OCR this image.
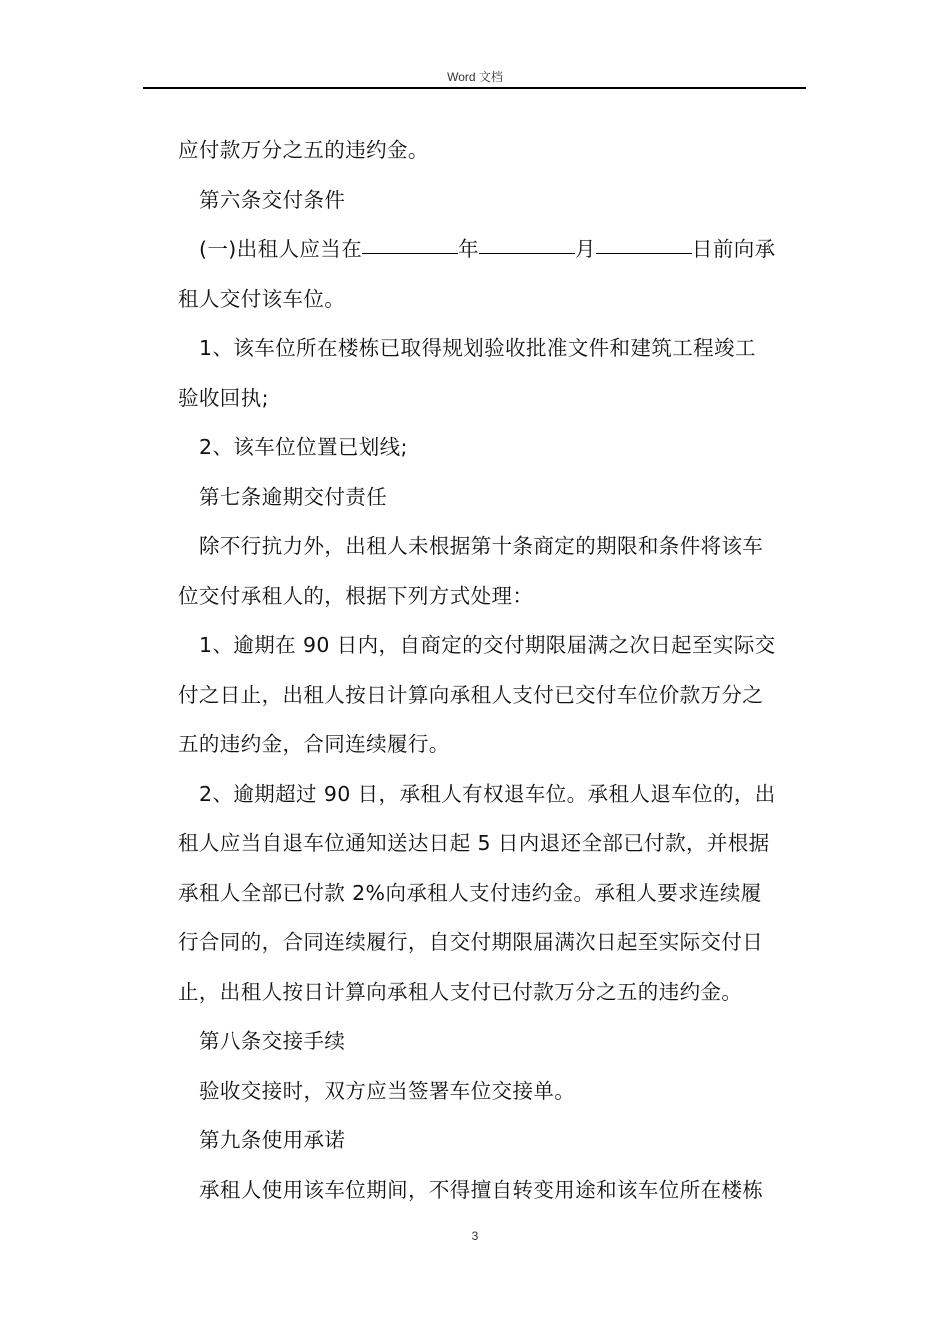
Word 文档
应付款万分之五的违约金。
第六条交付条件
(一)出租人应当在	年	月	日前向承
租人交付该车位。
1、该车位所在楼栋已取得规划验收批准文件和建筑工程竣工
验收回执;
2、该车位位置已划线;
第七条逾期交付责任
除不行抗力外，出租人未根据第十条商定的期限和条件将该车
位交付承租人的，根据下列方式处理：
1、逾期在 90 日内，自商定的交付期限届满之次日起至实际交
付之日止，出租人按日计算向承租人支付已交付车位价款万分之
五的违约金，合同连续履行。
2、逾期超过 90 日，承租人有权退车位。承租人退车位的，出
租人应当自退车位通知送达日起 5 日内退还全部已付款，并根据
承租人全部已付款 2%向承租人支付违约金。承租人要求连续履
行合同的，合同连续履行，自交付期限届满次日起至实际交付日
止，出租人按日计算向承租人支付已付款万分之五的违约金。
第八条交接手续
验收交接时，双方应当签署车位交接单。
第九条使用承诺
承租人使用该车位期间，不得擅自转变用途和该车位所在楼栋
3
